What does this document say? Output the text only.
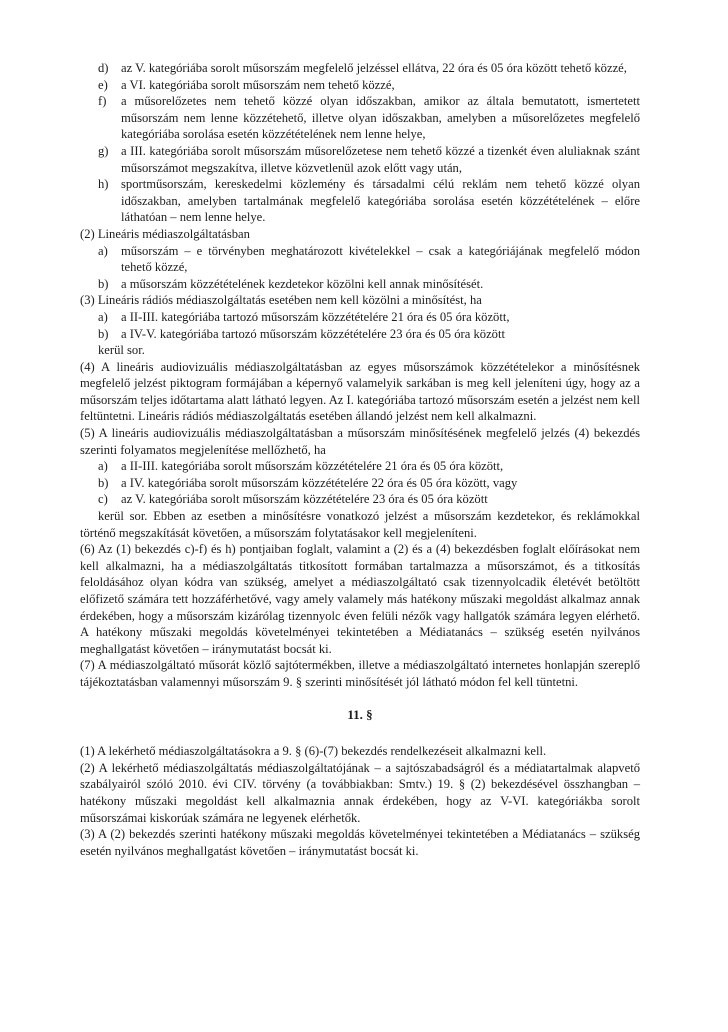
d) az V. kategóriába sorolt műsorszám megfelelő jelzéssel ellátva, 22 óra és 05 óra között tehető közzé,
e) a VI. kategóriába sorolt műsorszám nem tehető közzé,
f) a műsorelőzetes nem tehető közzé olyan időszakban, amikor az általa bemutatott, ismertetett műsorszám nem lenne közzétehető, illetve olyan időszakban, amelyben a műsorelőzetes megfelelő kategóriába sorolása esetén közzétételének nem lenne helye,
g) a III. kategóriába sorolt műsorszám műsorelőzetese nem tehető közzé a tizenkét éven aluliaknak szánt műsorszámot megszakítva, illetve közvetlenül azok előtt vagy után,
h) sportműsorszám, kereskedelmi közlemény és társadalmi célú reklám nem tehető közzé olyan időszakban, amelyben tartalmának megfelelő kategóriába sorolása esetén közzétételének – előre láthatóan – nem lenne helye.
(2) Lineáris médiaszolgáltatásban
a) műsorszám – e törvényben meghatározott kivételekkel – csak a kategóriájának megfelelő módon tehető közzé,
b) a műsorszám közzétételének kezdetekor közölni kell annak minősítését.
(3) Lineáris rádiós médiaszolgáltatás esetében nem kell közölni a minősítést, ha
a) a II-III. kategóriába tartozó műsorszám közzétételére 21 óra és 05 óra között,
b) a IV-V. kategóriába tartozó műsorszám közzétételére 23 óra és 05 óra között
kerül sor.
(4) A lineáris audiovizuális médiaszolgáltatásban az egyes műsorszámok közzétételekor a minősítésnek megfelelő jelzést piktogram formájában a képernyő valamelyik sarkában is meg kell jeleníteni úgy, hogy az a műsorszám teljes időtartama alatt látható legyen. Az I. kategóriába tartozó műsorszám esetén a jelzést nem kell feltüntetni. Lineáris rádiós médiaszolgáltatás esetében állandó jelzést nem kell alkalmazni.
(5) A lineáris audiovizuális médiaszolgáltatásban a műsorszám minősítésének megfelelő jelzés (4) bekezdés szerinti folyamatos megjelenítése mellőzhető, ha
a) a II-III. kategóriába sorolt műsorszám közzétételére 21 óra és 05 óra között,
b) a IV. kategóriába sorolt műsorszám közzétételére 22 óra és 05 óra között, vagy
c) az V. kategóriába sorolt műsorszám közzétételére 23 óra és 05 óra között
kerül sor. Ebben az esetben a minősítésre vonatkozó jelzést a műsorszám kezdetekor, és reklámokkal történő megszakítását követően, a műsorszám folytatásakor kell megjeleníteni.
(6) Az (1) bekezdés c)-f) és h) pontjaiban foglalt, valamint a (2) és a (4) bekezdésben foglalt előírásokat nem kell alkalmazni, ha a médiaszolgáltatás titkosított formában tartalmazza a műsorszámot, és a titkosítás feloldásához olyan kódra van szükség, amelyet a médiaszolgáltató csak tizennyolcadik életévét betöltött előfizető számára tett hozzáférhetővé, vagy amely valamely más hatékony műszaki megoldást alkalmaz annak érdekében, hogy a műsorszám kizárólag tizennyolc éven felüli nézők vagy hallgatók számára legyen elérhető. A hatékony műszaki megoldás követelményei tekintetében a Médiatanács – szükség esetén nyilvános meghallgatást követően – iránymutatást bocsát ki.
(7) A médiaszolgáltató műsorát közlő sajtótermékben, illetve a médiaszolgáltató internetes honlapján szereplő tájékoztatásban valamennyi műsorszám 9. § szerinti minősítését jól látható módon fel kell tüntetni.
11. §
(1) A lekérhető médiaszolgáltatásokra a 9. § (6)-(7) bekezdés rendelkezéseit alkalmazni kell.
(2) A lekérhető médiaszolgáltatás médiaszolgáltatójának – a sajtószabadságról és a médiatartalmak alapvető szabályairól szóló 2010. évi CIV. törvény (a továbbiakban: Smtv.) 19. § (2) bekezdésével összhangban – hatékony műszaki megoldást kell alkalmaznia annak érdekében, hogy az V-VI. kategóriákba sorolt műsorszámai kiskorúak számára ne legyenek elérhetők.
(3) A (2) bekezdés szerinti hatékony műszaki megoldás követelményei tekintetében a Médiatanács – szükség esetén nyilvános meghallgatást követően – iránymutatást bocsát ki.
